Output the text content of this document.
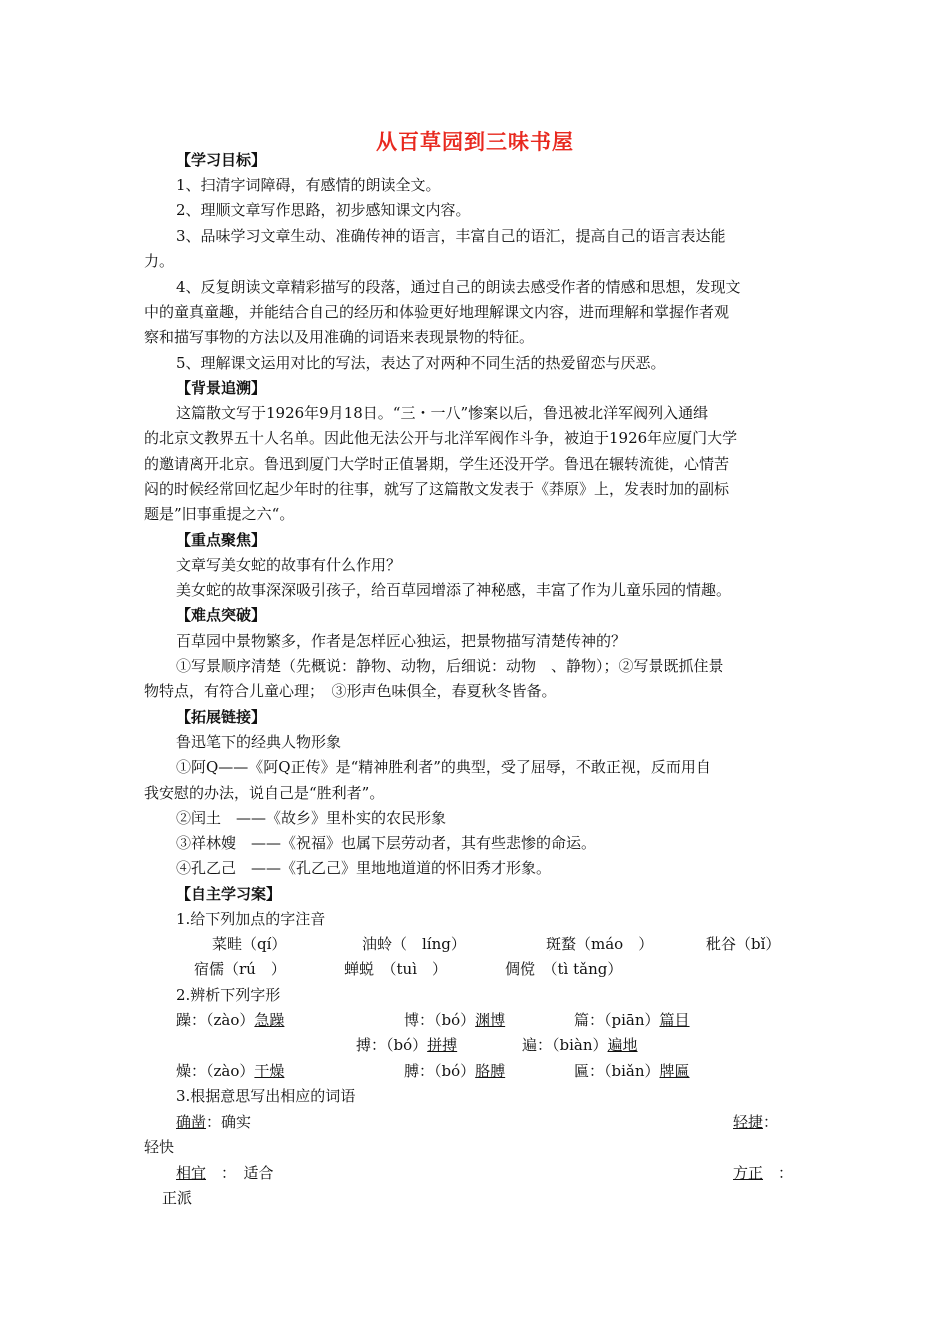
从百草园到三味书屋
【学习目标】
1、扫清字词障碍，有感情的朗读全文。
2、理顺文章写作思路，初步感知课文内容。
3、品味学习文章生动、准确传神的语言，丰富自己的语汇，提高自己的语言表达能
力。
4、反复朗读文章精彩描写的段落，通过自己的朗读去感受作者的情感和思想，发现文
中的童真童趣，并能结合自己的经历和体验更好地理解课文内容，进而理解和掌握作者观
察和描写事物的方法以及用准确的词语来表现景物的特征。
5、理解课文运用对比的写法，表达了对两种不同生活的热爱留恋与厌恶。
【背景追溯】
这篇散文写于1926年9月18日。“三・一八”惨案以后，鲁迅被北洋军阀列入通缉
的北京文教界五十人名单。因此他无法公开与北洋军阀作斗争，被迫于1926年应厦门大学
的邀请离开北京。鲁迅到厦门大学时正值暑期，学生还没开学。鲁迅在辗转流徙，心情苦
闷的时候经常回忆起少年时的往事，就写了这篇散文发表于《莽原》上，发表时加的副标
题是”旧事重提之六“。
【重点聚焦】
文章写美女蛇的故事有什么作用？
美女蛇的故事深深吸引孩子，给百草园增添了神秘感，丰富了作为儿童乐园的情趣。
【难点突破】
百草园中景物繁多，作者是怎样匠心独运，把景物描写清楚传神的？
①写景顺序清楚（先概说：静物、动物，后细说：动物　、静物）；②写景既抓住景
物特点，有符合儿童心理；　③形声色味俱全，春夏秋冬皆备。
【拓展链接】
鲁迅笔下的经典人物形象
①阿Q——《阿Q正传》是“精神胜利者”的典型，受了屈辱，不敢正视，反而用自
我安慰的办法，说自己是“胜利者”。
②闰土　——《故乡》里朴实的农民形象
③祥林嫂　——《祝福》也属下层劳动者，其有些悲惨的命运。
④孔乙己　——《孔乙己》里地地道道的怀旧秀才形象。
【自主学习案】
1.给下列加点的字注音
菜畦（qí）	油蛉（　líng）	斑蝥（máo　）	秕谷（bǐ）
宿儒（rú　）	蝉蜕　（tuì　）	倜傥　（tì tǎng）
2.辨析下列字形
躁：（zào）急躁	博：（bó）渊博	篇：（piān）篇目
搏：（bó）拼搏	遍：（biàn）遍地
燥：（zào）干燥	膊：（bó）胳膊	匾：（biǎn）牌匾
3.根据意思写出相应的词语
确凿：确实	轻捷：
轻快
相宜　：　适合	方正　：
正派
